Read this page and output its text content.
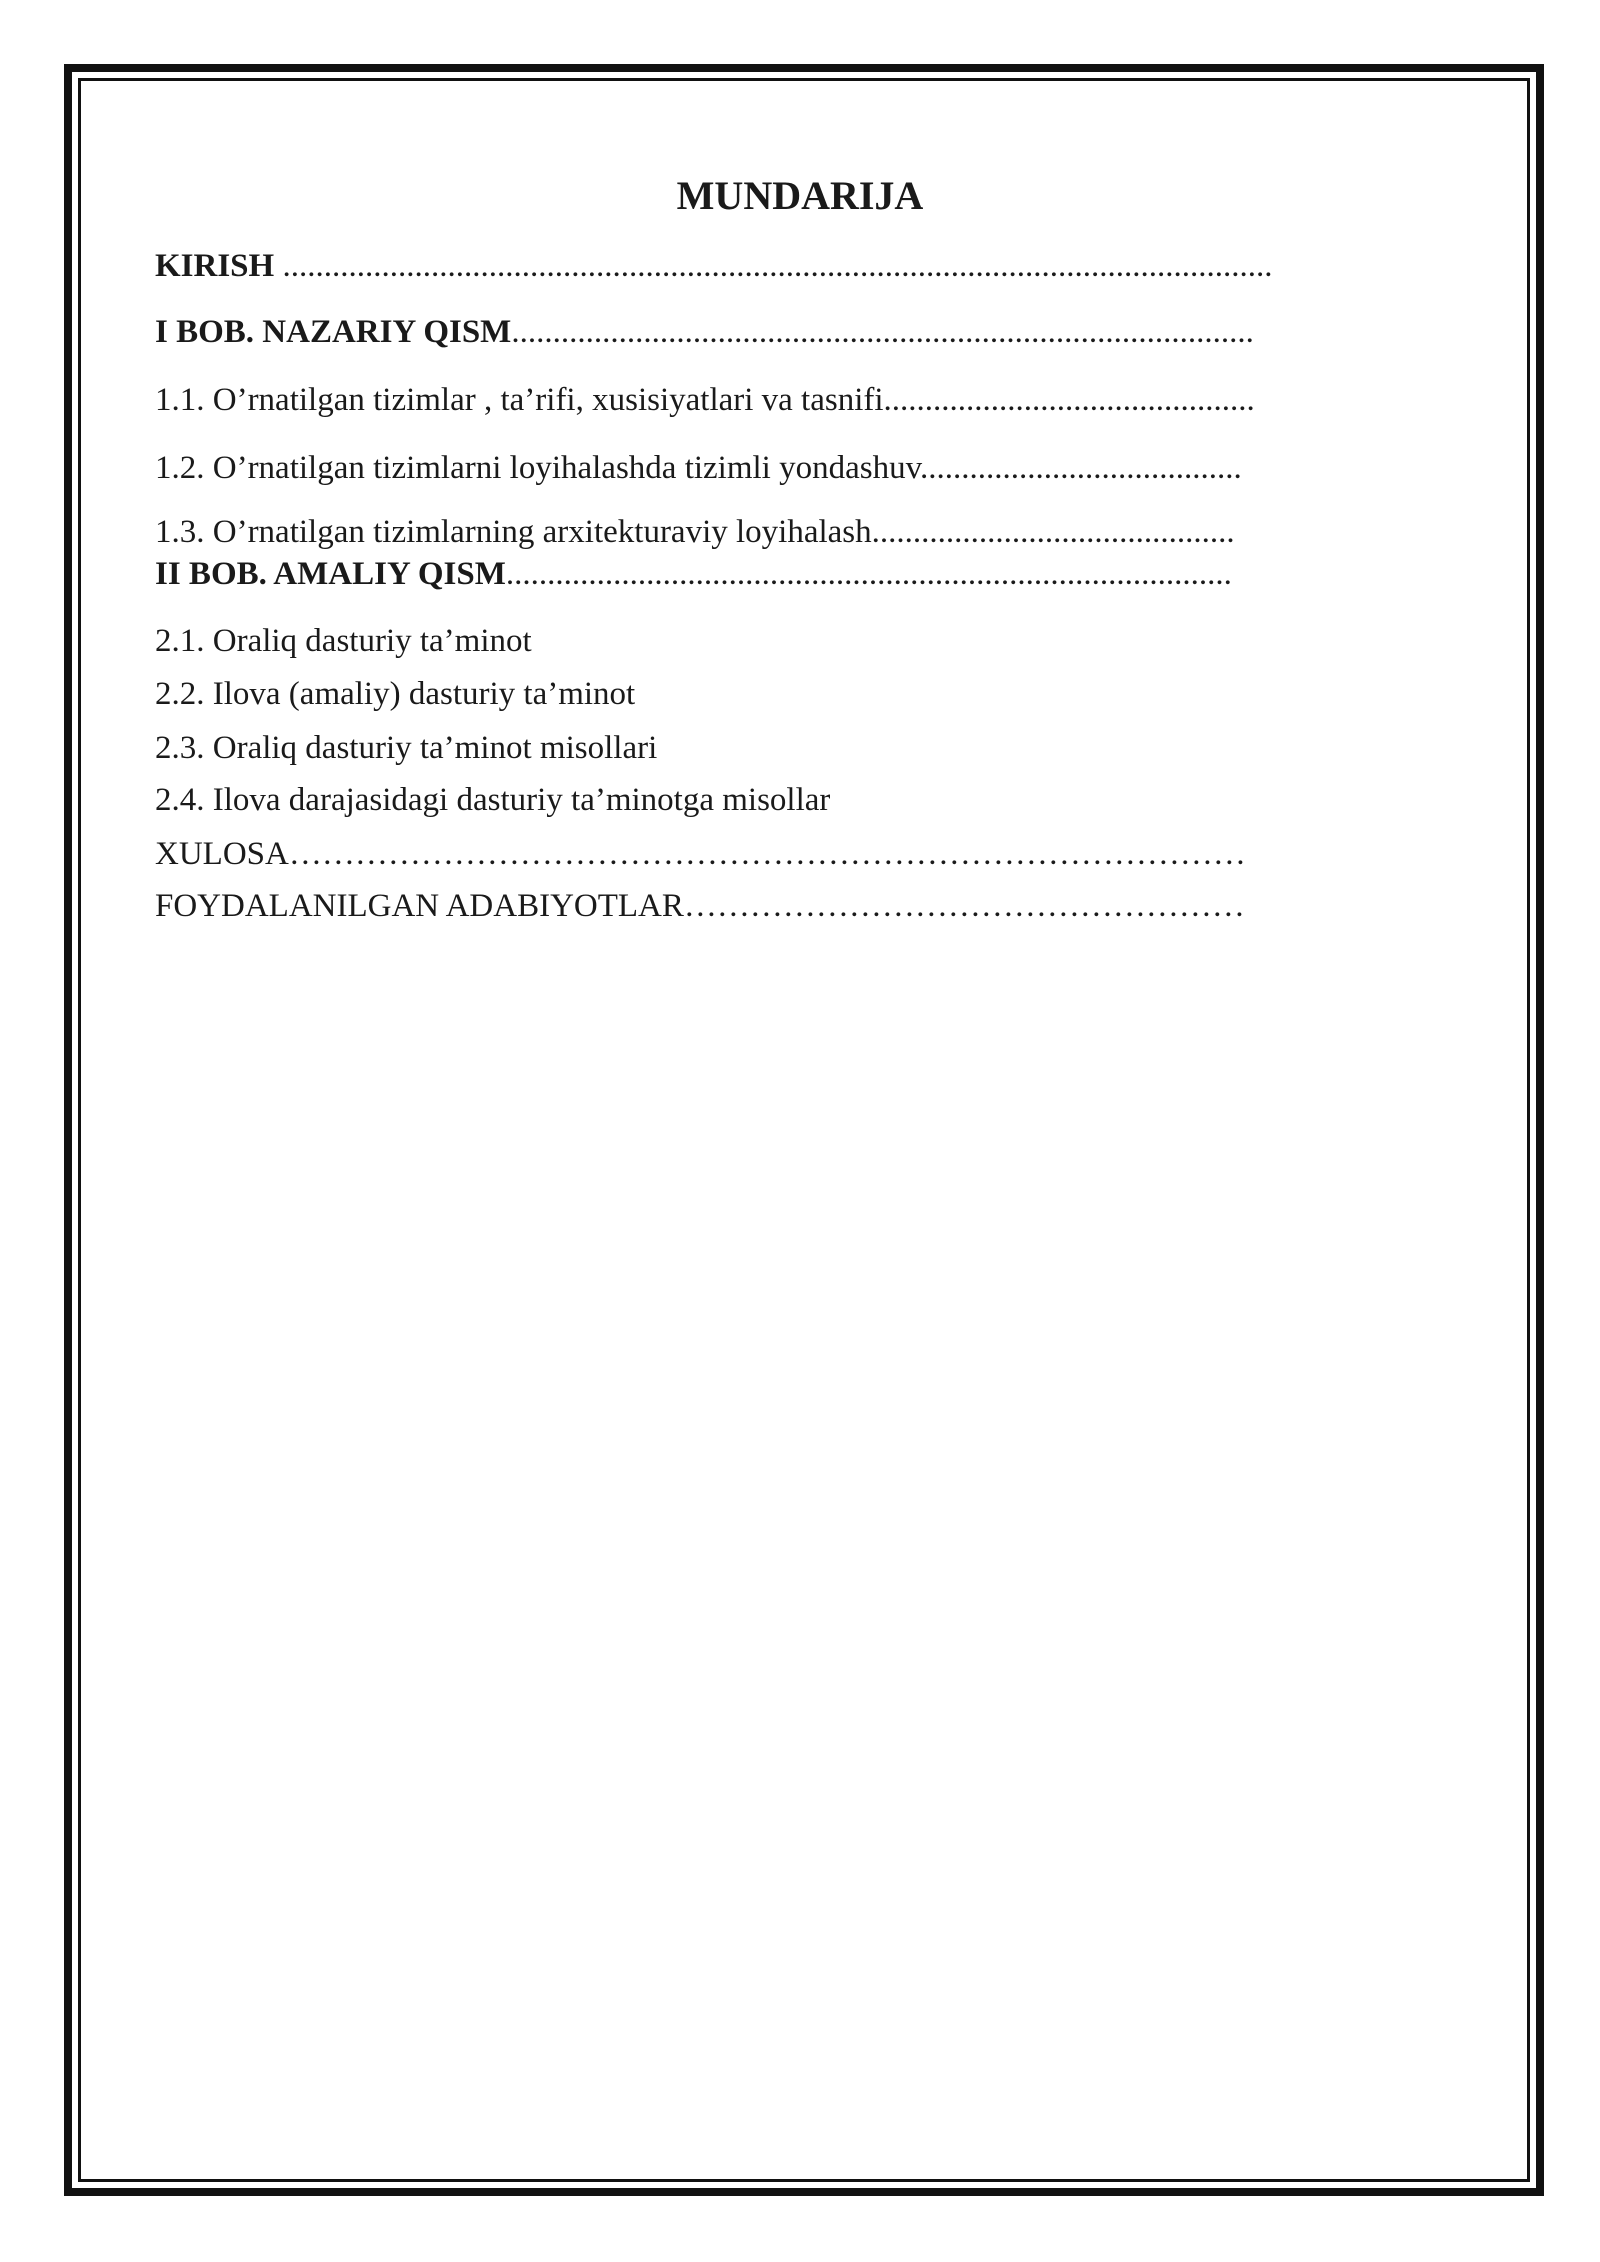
MUNDARIJA
KIRISH ........................................................................................................................
I BOB. NAZARIY QISM..........................................................................................
1.1. O’rnatilgan tizimlar , ta’rifi, xusisiyatlari va tasnifi.............................................
1.2. O’rnatilgan tizimlarni loyihalashda tizimli yondashuv.......................................
1.3. O’rnatilgan tizimlarning arxitekturaviy loyihalash............................................
II BOB. AMALIY QISM........................................................................................
2.1. Oraliq dasturiy ta’minot
2.2. Ilova (amaliy) dasturiy ta’minot
2.3. Oraliq dasturiy ta’minot misollari
2.4. Ilova darajasidagi dasturiy ta’minotga misollar
XULOSA……………………………………………………………………………
FOYDALANILGAN ADABIYOTLAR……………………………………………
